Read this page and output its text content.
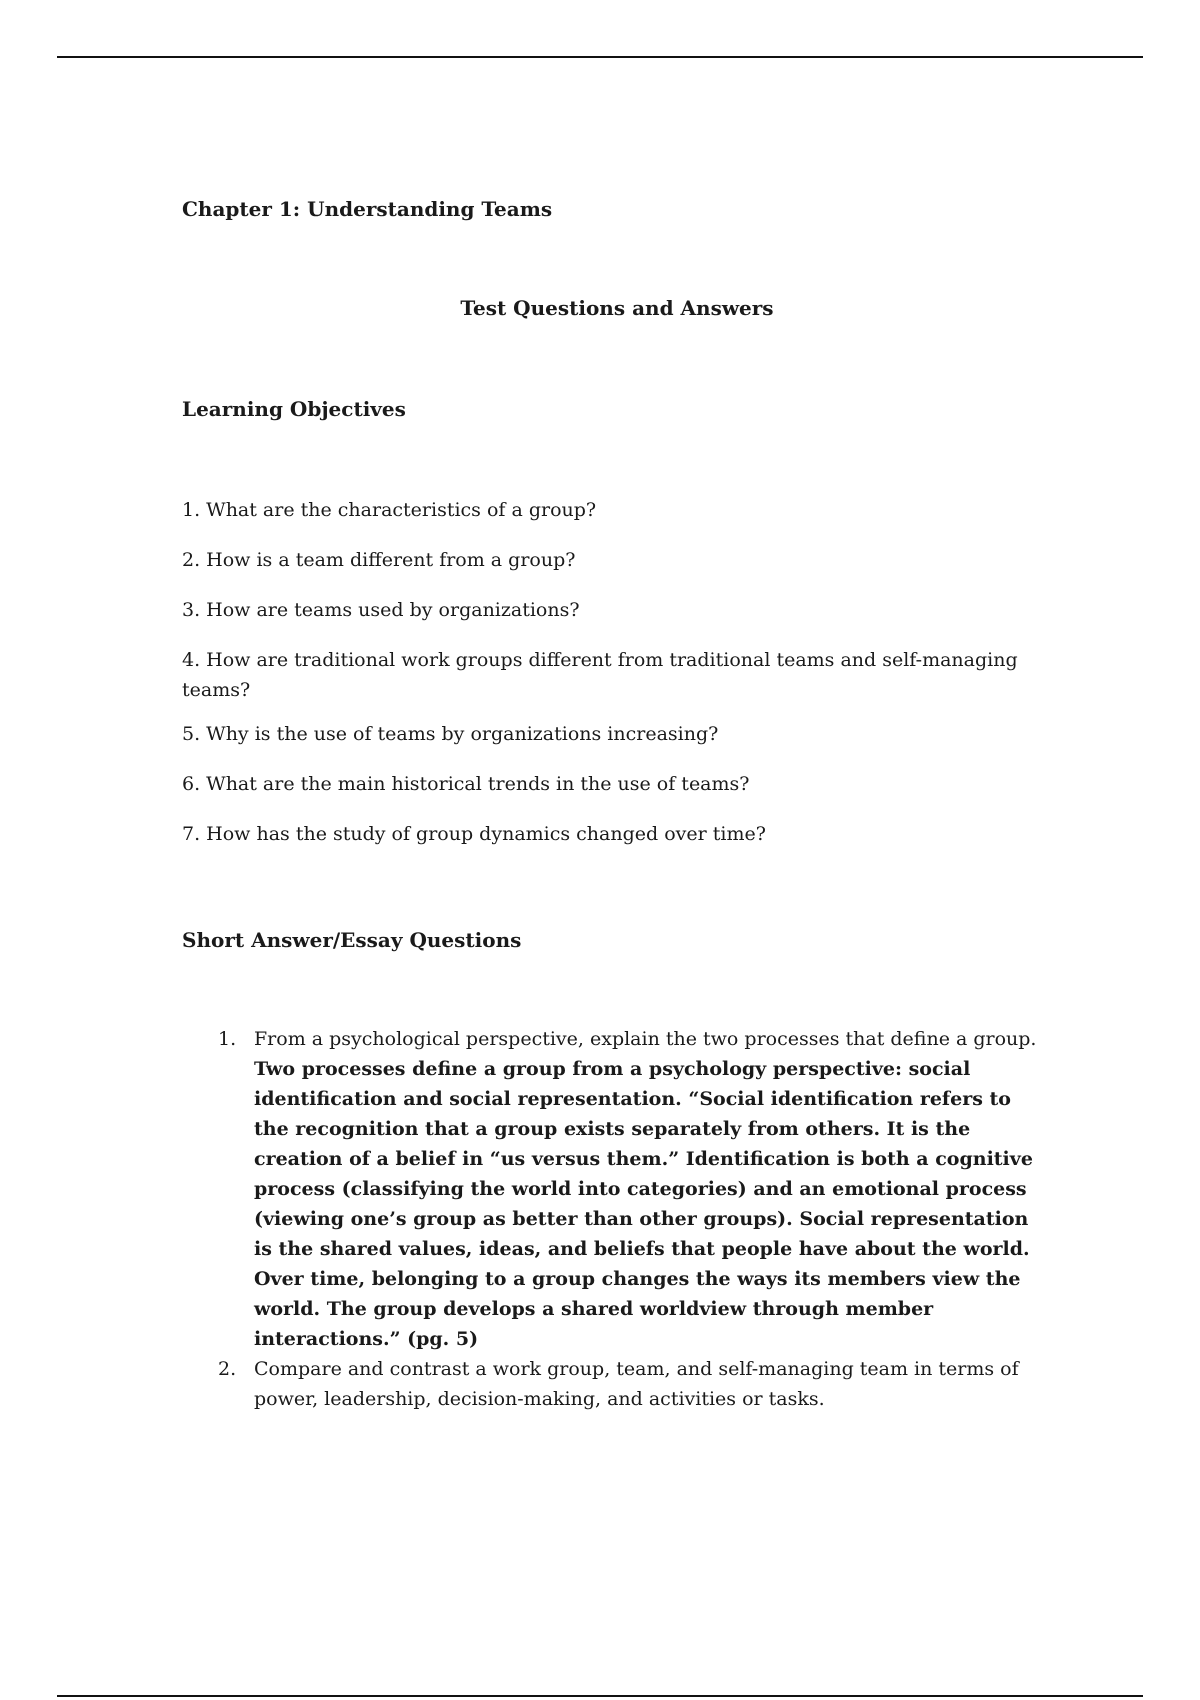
Chapter 1: Understanding Teams
Test Questions and Answers
Learning Objectives
1. What are the characteristics of a group?
2. How is a team different from a group?
3. How are teams used by organizations?
4. How are traditional work groups different from traditional teams and self-managing teams?
5. Why is the use of teams by organizations increasing?
6. What are the main historical trends in the use of teams?
7. How has the study of group dynamics changed over time?
Short Answer/Essay Questions
1. From a psychological perspective, explain the two processes that define a group.
Two processes define a group from a psychology perspective: social identification and social representation. “Social identification refers to the recognition that a group exists separately from others. It is the creation of a belief in “us versus them.” Identification is both a cognitive process (classifying the world into categories) and an emotional process (viewing one’s group as better than other groups). Social representation is the shared values, ideas, and beliefs that people have about the world. Over time, belonging to a group changes the ways its members view the world. The group develops a shared worldview through member interactions.” (pg. 5)
2. Compare and contrast a work group, team, and self-managing team in terms of power, leadership, decision-making, and activities or tasks.
